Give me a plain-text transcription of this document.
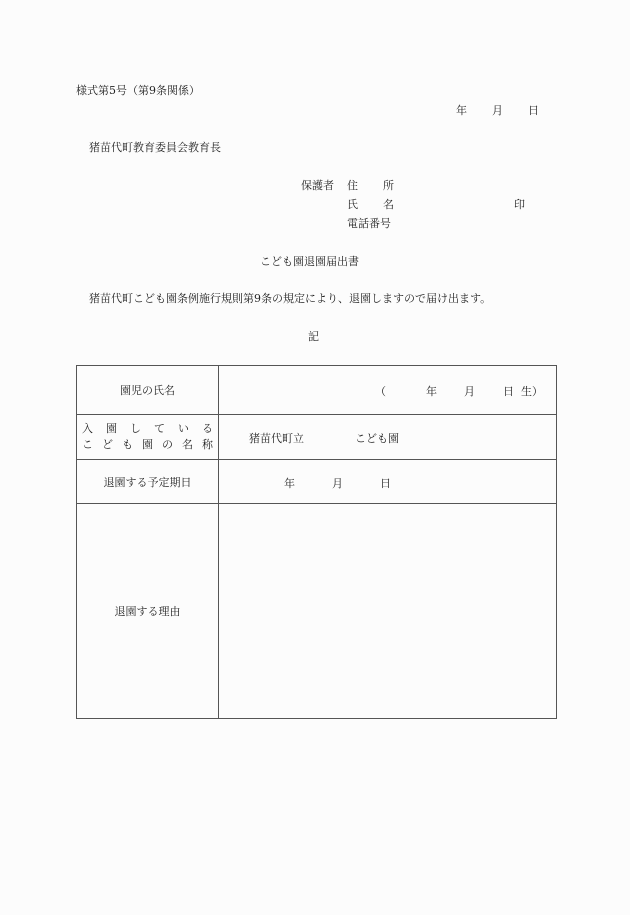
様式第5号（第9条関係）
年 月 日
猪苗代町教育委員会教育長
保護者 住 所
氏 名	印
電話番号
こども園退園届出書
猪苗代町こども園条例施行規則第9条の規定により、退園しますので届け出ます。
記
園児の氏名	（ 年 月 日 生）

入 園 し て い る
こ ど も 園 の 名 称	猪苗代町立	こども園

退園する予定期日	年 月 日

退園する理由	
